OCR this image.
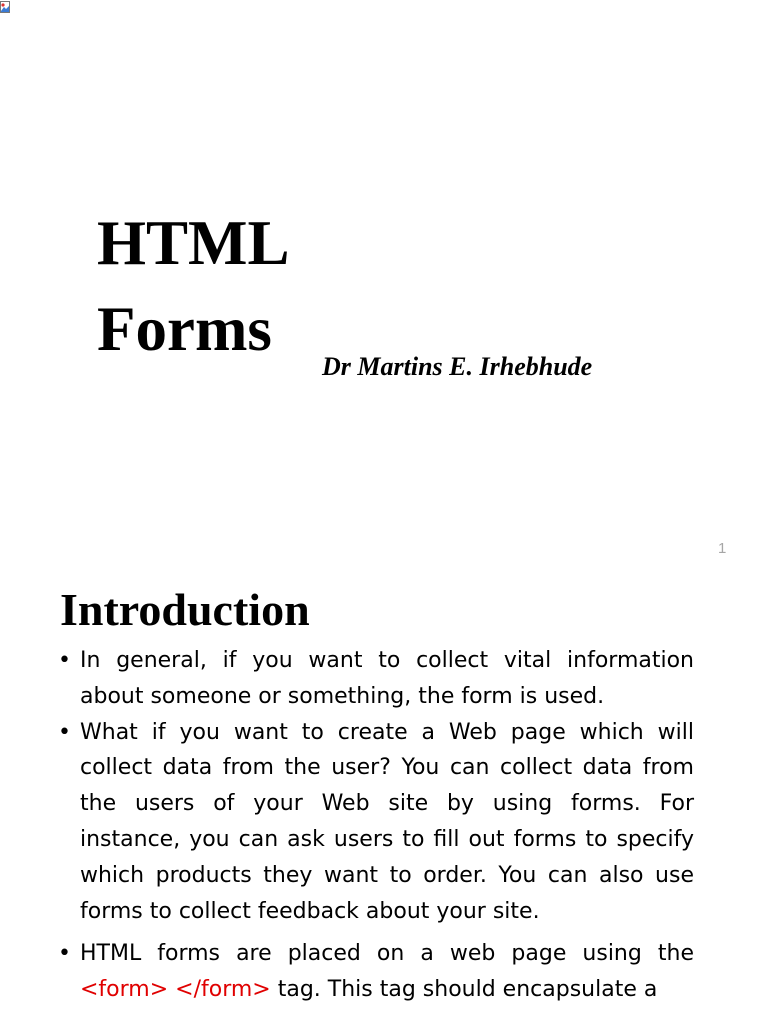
HTML Forms
Dr Martins E. Irhebhude
1
Introduction
• In general, if you want to collect vital information about someone or something, the form is used.
• What if you want to create a Web page which will collect data from the user? You can collect data from the users of your Web site by using forms. For instance, you can ask users to fill out forms to specify which products they want to order. You can also use forms to collect feedback about your site.
• HTML forms are placed on a web page using the <form> </form> tag. This tag should encapsulate a
